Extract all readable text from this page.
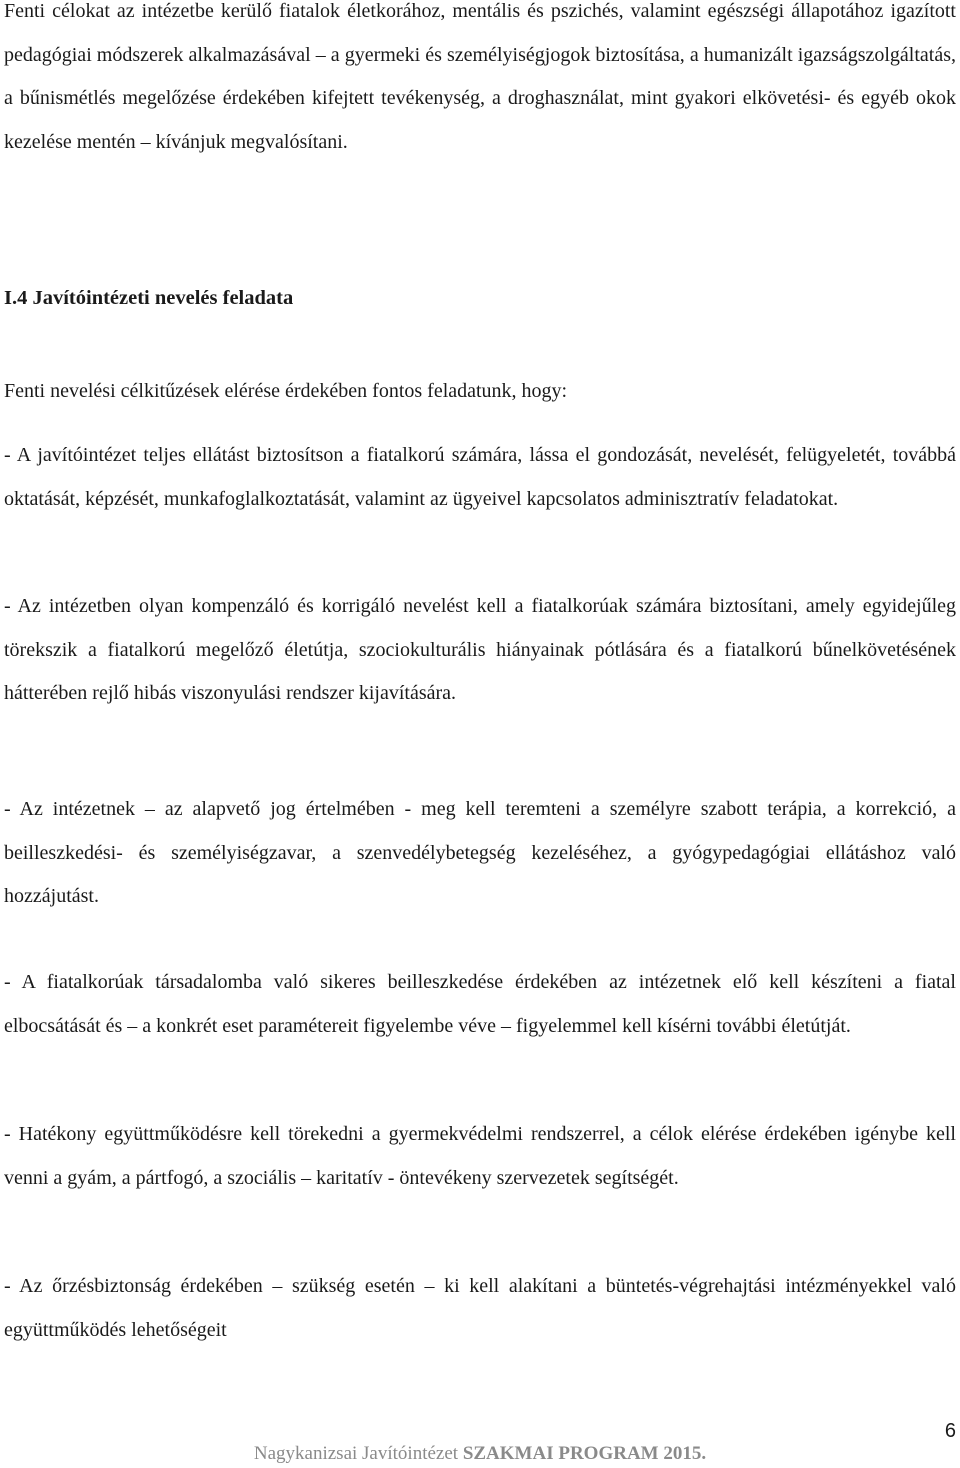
Fenti célokat az intézetbe kerülő fiatalok életkorához, mentális és pszichés, valamint egészségi állapotához igazított pedagógiai módszerek alkalmazásával – a gyermeki és személyiségjogok biztosítása, a humanizált igazságszolgáltatás, a bűnismétlés megelőzése érdekében kifejtett tevékenység, a droghasználat, mint gyakori elkövetési- és egyéb okok kezelése mentén – kívánjuk megvalósítani.

I.4 Javítóintézeti nevelés feladata

Fenti nevelési célkitűzések elérése érdekében fontos feladatunk, hogy:

- A javítóintézet teljes ellátást biztosítson a fiatalkorú számára, lássa el gondozását, nevelését, felügyeletét, továbbá oktatását, képzését, munkafoglalkoztatását, valamint az ügyeivel kapcsolatos adminisztratív feladatokat.

- Az intézetben olyan kompenzáló és korrigáló nevelést kell a fiatalkorúak számára biztosítani, amely egyidejűleg törekszik a fiatalkorú megelőző életútja, szociokulturális hiányainak pótlására és a fiatalkorú bűnelkövetésének hátterében rejlő hibás viszonyulási rendszer kijavítására.

- Az intézetnek – az alapvető jog értelmében - meg kell teremteni a személyre szabott terápia, a korrekció, a beilleszkedési- és személyiségzavar, a szenvedélybetegség kezeléséhez, a gyógypedagógiai ellátáshoz való hozzájutást.

- A fiatalkorúak társadalomba való sikeres beilleszkedése érdekében az intézetnek elő kell készíteni a fiatal elbocsátását és – a konkrét eset paramétereit figyelembe véve – figyelemmel kell kísérni további életútját.

- Hatékony együttműködésre kell törekedni a gyermekvédelmi rendszerrel, a célok elérése érdekében igénybe kell venni a gyám, a pártfogó, a szociális – karitatív - öntevékeny szervezetek segítségét.

- Az őrzésbiztonság érdekében – szükség esetén – ki kell alakítani a büntetés-végrehajtási intézményekkel való együttműködés lehetőségeit

6
Nagykanizsai Javítóintézet SZAKMAI PROGRAM 2015.
